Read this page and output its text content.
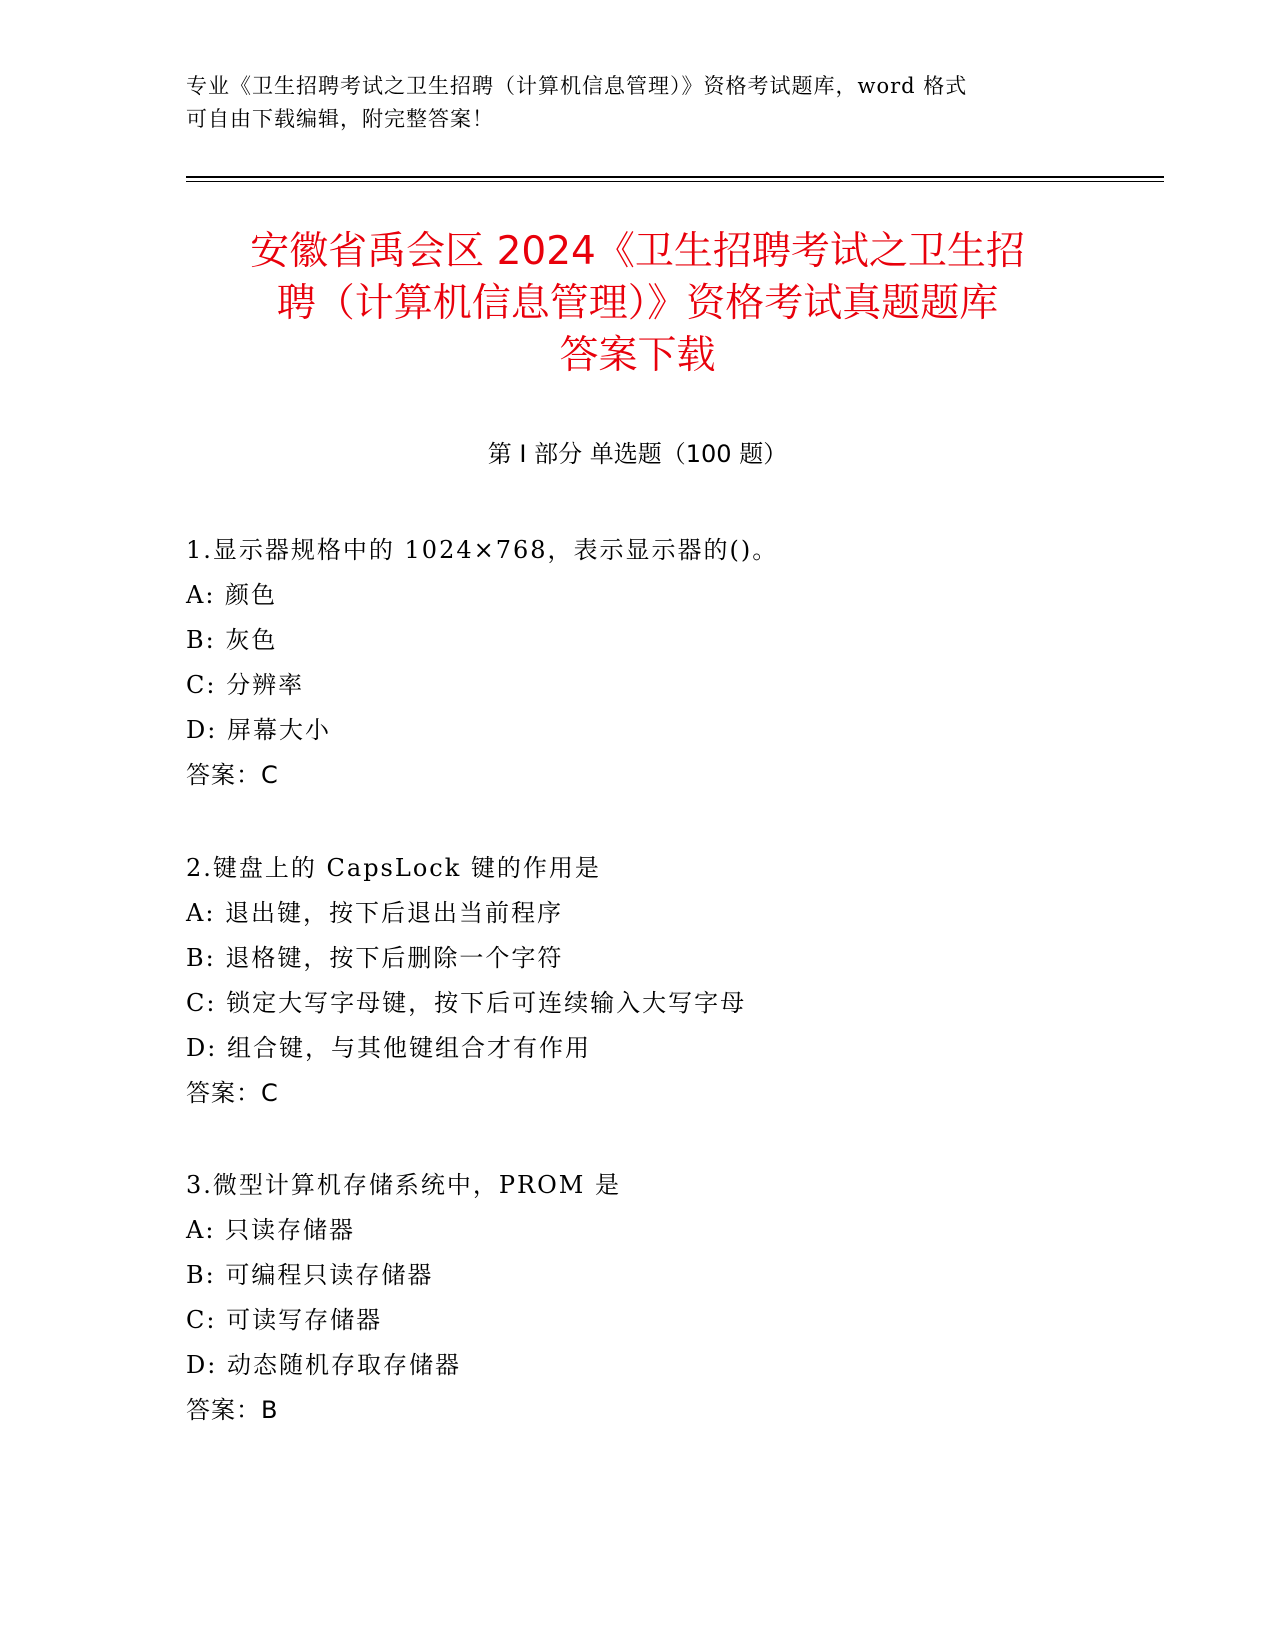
专业《卫生招聘考试之卫生招聘（计算机信息管理）》资格考试题库，word 格式
可自由下载编辑，附完整答案！
安徽省禹会区 2024《卫生招聘考试之卫生招
聘（计算机信息管理）》资格考试真题题库
答案下载
第 I 部分 单选题（100 题）
1.显示器规格中的 1024×768，表示显示器的()。
A: 颜色
B: 灰色
C: 分辨率
D: 屏幕大小
答案：C
2.键盘上的 CapsLock 键的作用是
A: 退出键，按下后退出当前程序
B: 退格键，按下后删除一个字符
C: 锁定大写字母键，按下后可连续输入大写字母
D: 组合键，与其他键组合才有作用
答案：C
3.微型计算机存储系统中，PROM 是
A: 只读存储器
B: 可编程只读存储器
C: 可读写存储器
D: 动态随机存取存储器
答案：B
